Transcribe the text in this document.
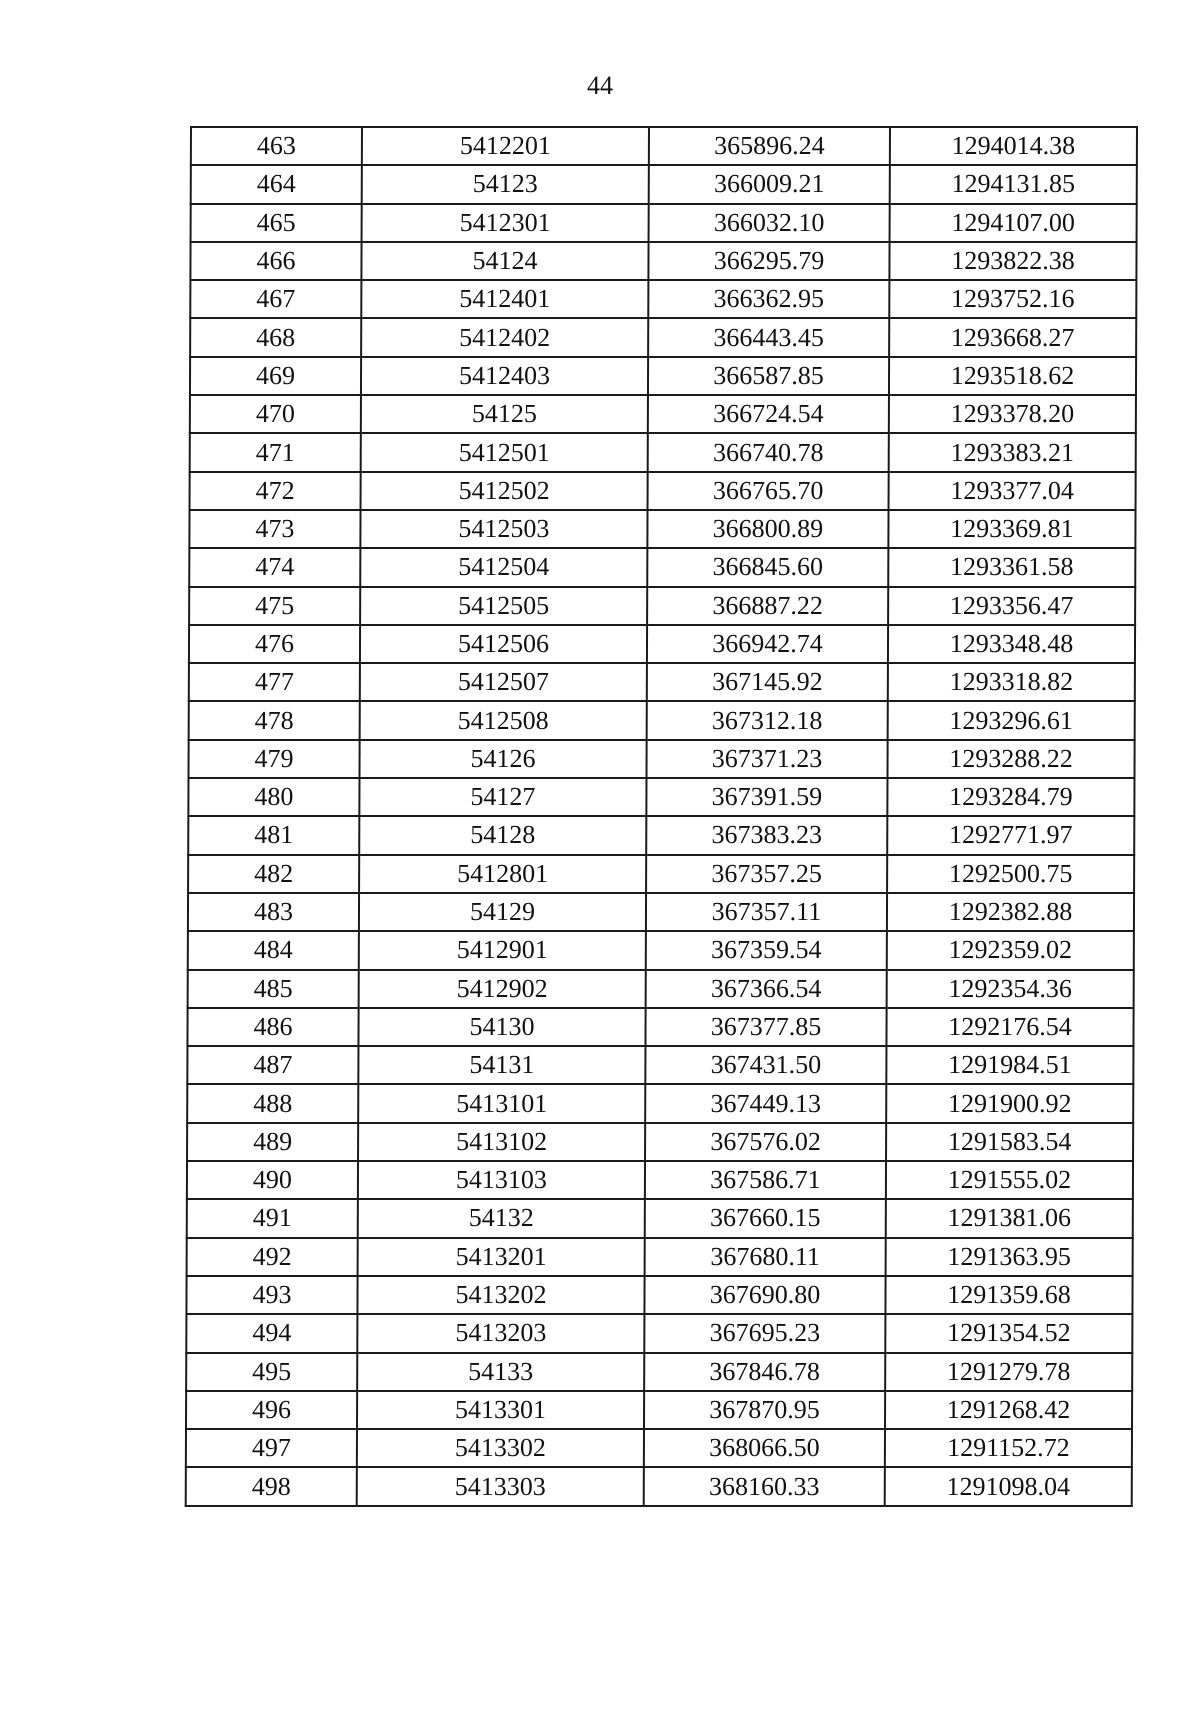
44
463	5412201	365896.24	1294014.38
464	54123	366009.21	1294131.85
465	5412301	366032.10	1294107.00
466	54124	366295.79	1293822.38
467	5412401	366362.95	1293752.16
468	5412402	366443.45	1293668.27
469	5412403	366587.85	1293518.62
470	54125	366724.54	1293378.20
471	5412501	366740.78	1293383.21
472	5412502	366765.70	1293377.04
473	5412503	366800.89	1293369.81
474	5412504	366845.60	1293361.58
475	5412505	366887.22	1293356.47
476	5412506	366942.74	1293348.48
477	5412507	367145.92	1293318.82
478	5412508	367312.18	1293296.61
479	54126	367371.23	1293288.22
480	54127	367391.59	1293284.79
481	54128	367383.23	1292771.97
482	5412801	367357.25	1292500.75
483	54129	367357.11	1292382.88
484	5412901	367359.54	1292359.02
485	5412902	367366.54	1292354.36
486	54130	367377.85	1292176.54
487	54131	367431.50	1291984.51
488	5413101	367449.13	1291900.92
489	5413102	367576.02	1291583.54
490	5413103	367586.71	1291555.02
491	54132	367660.15	1291381.06
492	5413201	367680.11	1291363.95
493	5413202	367690.80	1291359.68
494	5413203	367695.23	1291354.52
495	54133	367846.78	1291279.78
496	5413301	367870.95	1291268.42
497	5413302	368066.50	1291152.72
498	5413303	368160.33	1291098.04
